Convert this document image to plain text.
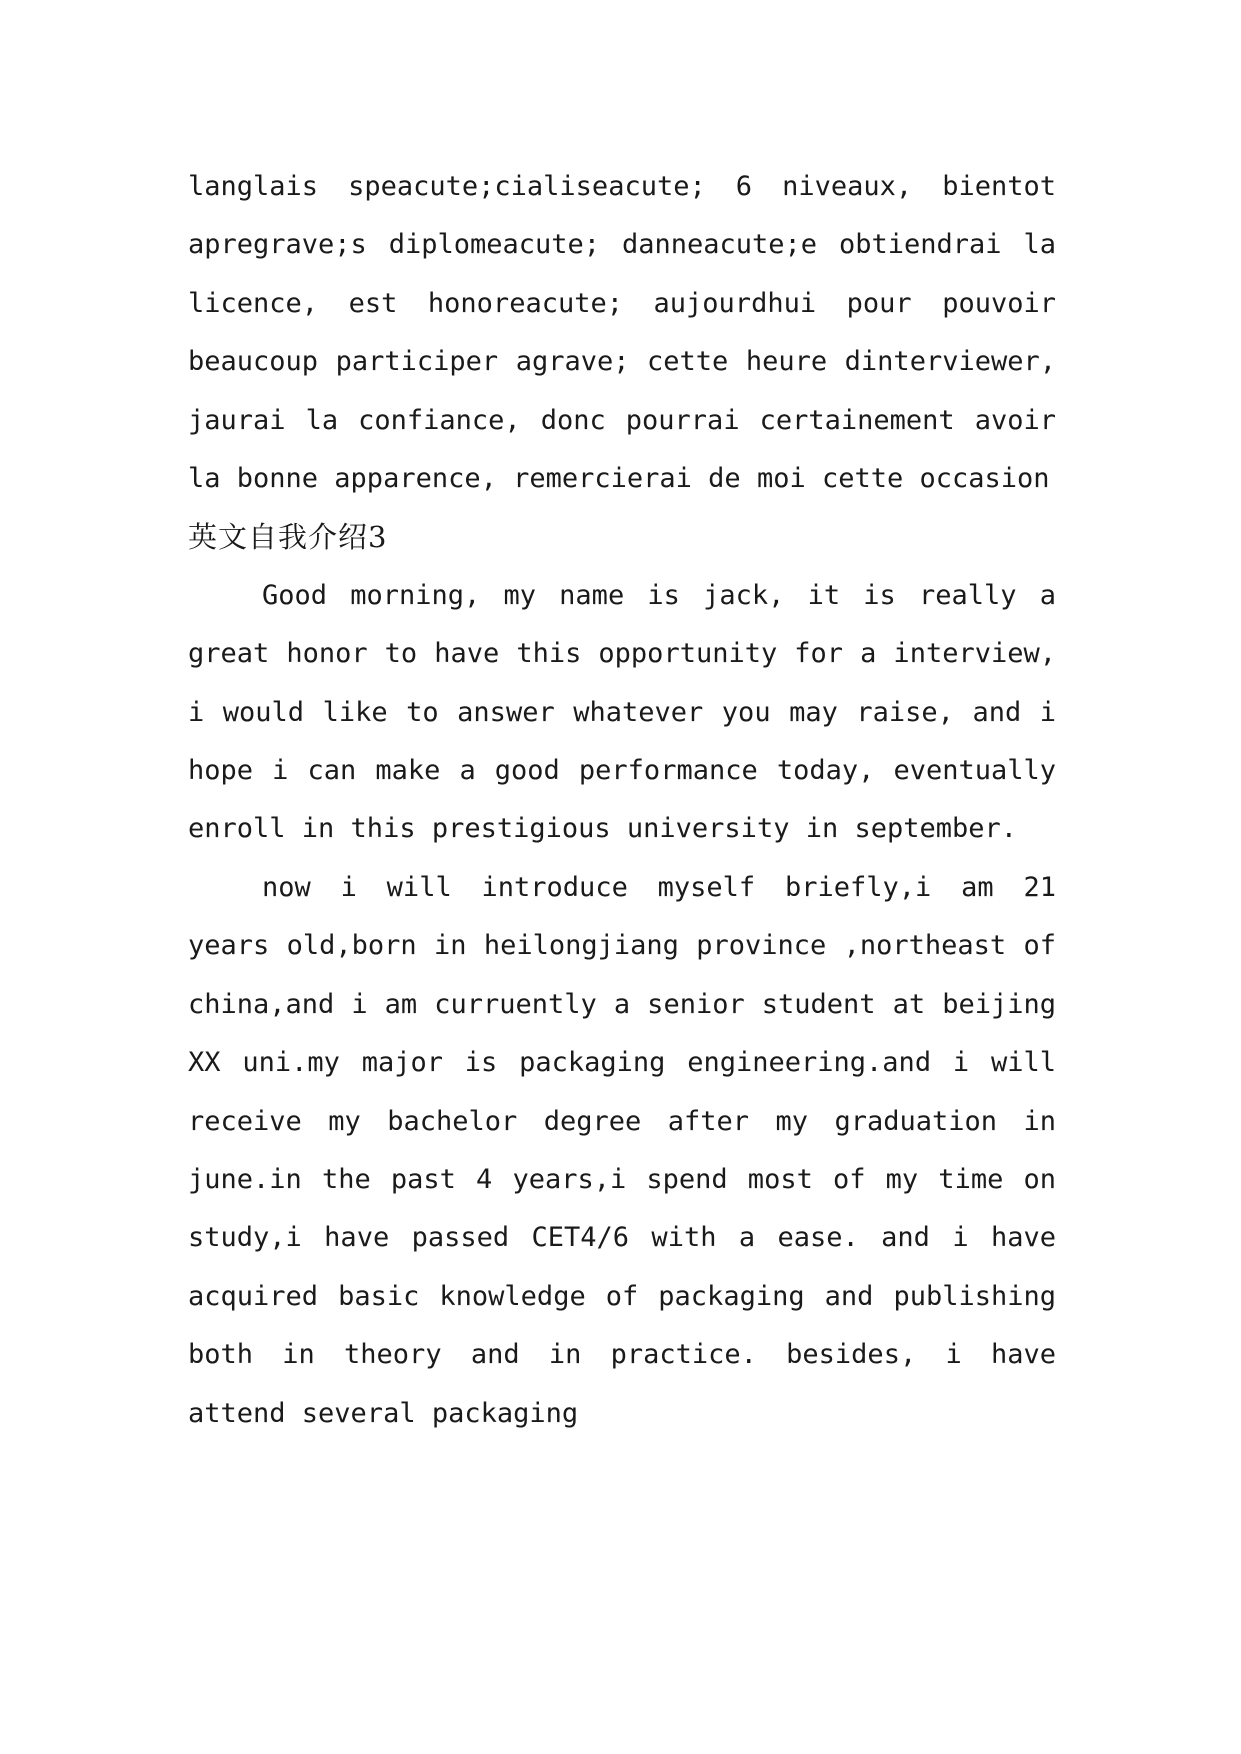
langlais speacute;cialiseacute; 6 niveaux, bientot apregrave;s diplomeacute; danneacute;e obtiendrai la licence, est honoreacute; aujourdhui pour pouvoir beaucoup participer agrave; cette heure dinterviewer, jaurai la confiance, donc pourrai certainement avoir la bonne apparence, remercierai de moi cette occasion

英文自我介绍3

Good morning, my name is jack, it is really a great honor to have this opportunity for a interview, i would like to answer whatever you may raise, and i hope i can make a good performance today, eventually enroll in this prestigious university in september.

now i will introduce myself briefly,i am 21 years old,born in heilongjiang province ,northeast of china,and i am curruently a senior student at beijing XX uni.my major is packaging engineering.and i will receive my bachelor degree after my graduation in june.in the past 4 years,i spend most of my time on study,i have passed CET4/6 with a ease. and i have acquired basic knowledge of packaging and publishing both in theory and in practice. besides, i have attend several packaging
